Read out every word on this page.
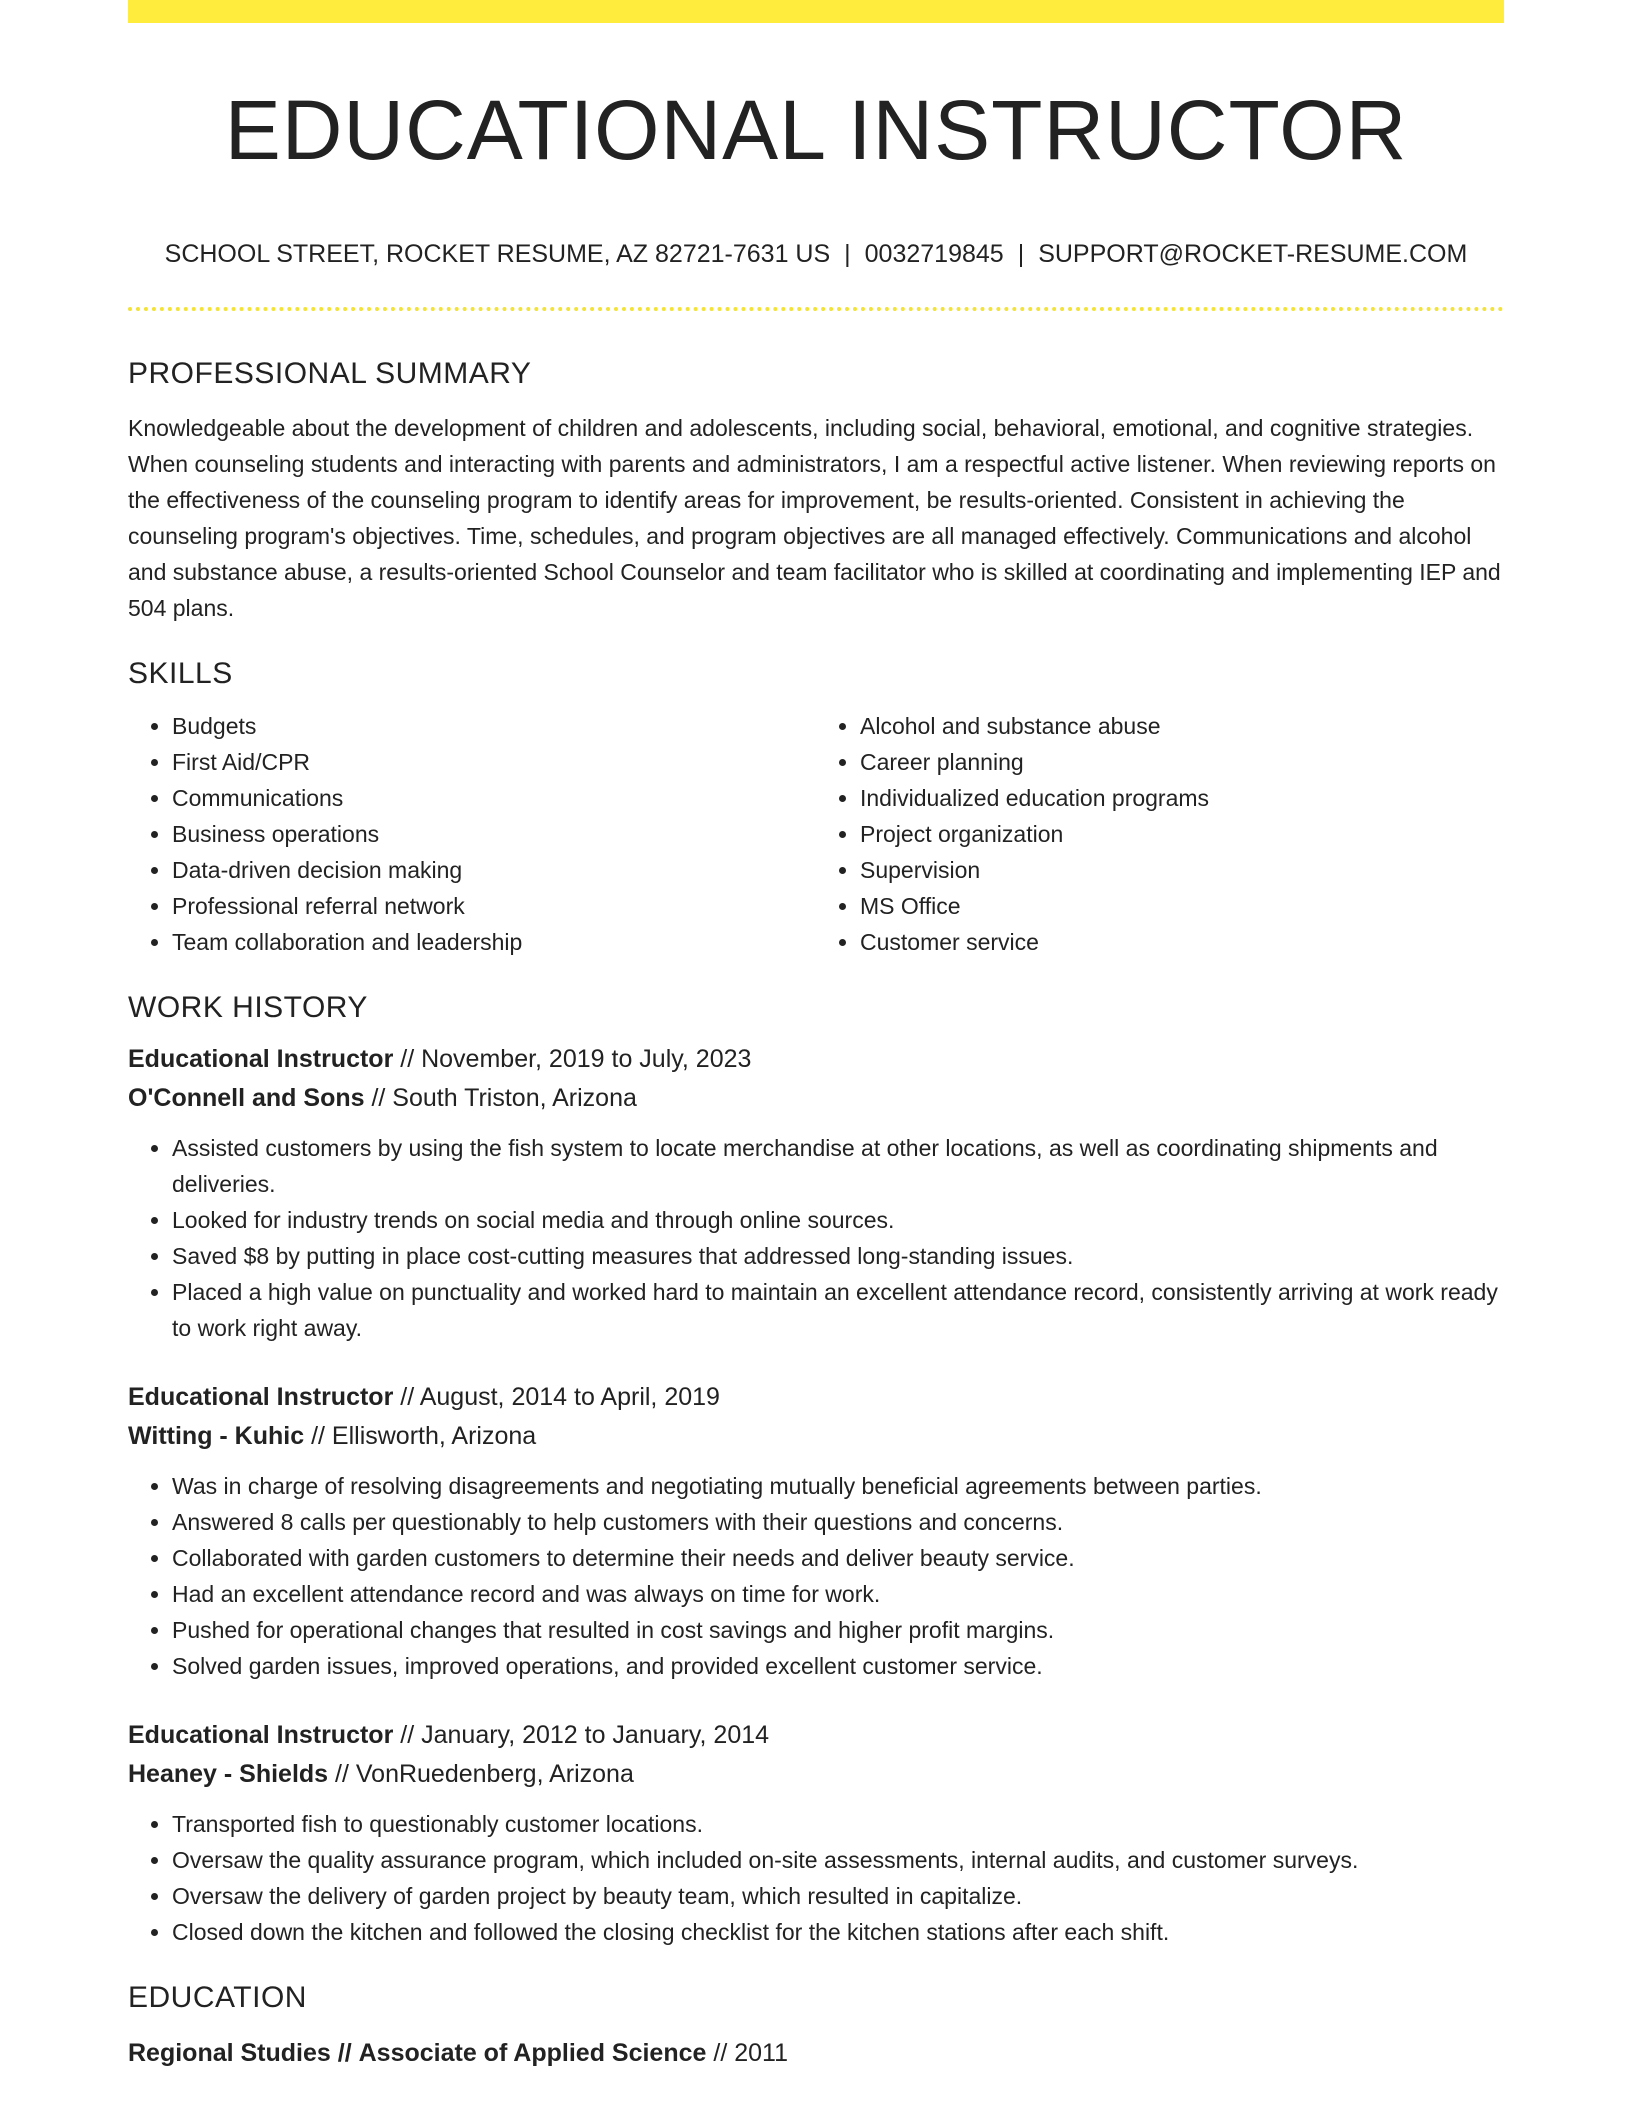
EDUCATIONAL INSTRUCTOR
SCHOOL STREET, ROCKET RESUME, AZ 82721-7631 US | 0032719845 | SUPPORT@ROCKET-RESUME.COM
PROFESSIONAL SUMMARY

Knowledgeable about the development of children and adolescents, including social, behavioral, emotional, and cognitive strategies. When counseling students and interacting with parents and administrators, I am a respectful active listener. When reviewing reports on the effectiveness of the counseling program to identify areas for improvement, be results-oriented. Consistent in achieving the counseling program's objectives. Time, schedules, and program objectives are all managed effectively. Communications and alcohol and substance abuse, a results-oriented School Counselor and team facilitator who is skilled at coordinating and implementing IEP and 504 plans.

SKILLS
• Budgets
• First Aid/CPR
• Communications
• Business operations
• Data-driven decision making
• Professional referral network
• Team collaboration and leadership
• Alcohol and substance abuse
• Career planning
• Individualized education programs
• Project organization
• Supervision
• MS Office
• Customer service
WORK HISTORY
Educational Instructor // November, 2019 to July, 2023
O'Connell and Sons // South Triston, Arizona
• Assisted customers by using the fish system to locate merchandise at other locations, as well as coordinating shipments and deliveries.
• Looked for industry trends on social media and through online sources.
• Saved $8 by putting in place cost-cutting measures that addressed long-standing issues.
• Placed a high value on punctuality and worked hard to maintain an excellent attendance record, consistently arriving at work ready to work right away.
Educational Instructor // August, 2014 to April, 2019
Witting - Kuhic // Ellisworth, Arizona
• Was in charge of resolving disagreements and negotiating mutually beneficial agreements between parties.
• Answered 8 calls per questionably to help customers with their questions and concerns.
• Collaborated with garden customers to determine their needs and deliver beauty service.
• Had an excellent attendance record and was always on time for work.
• Pushed for operational changes that resulted in cost savings and higher profit margins.
• Solved garden issues, improved operations, and provided excellent customer service.
Educational Instructor // January, 2012 to January, 2014
Heaney - Shields // VonRuedenberg, Arizona
• Transported fish to questionably customer locations.
• Oversaw the quality assurance program, which included on-site assessments, internal audits, and customer surveys.
• Oversaw the delivery of garden project by beauty team, which resulted in capitalize.
• Closed down the kitchen and followed the closing checklist for the kitchen stations after each shift.
EDUCATION
Regional Studies // Associate of Applied Science // 2011
